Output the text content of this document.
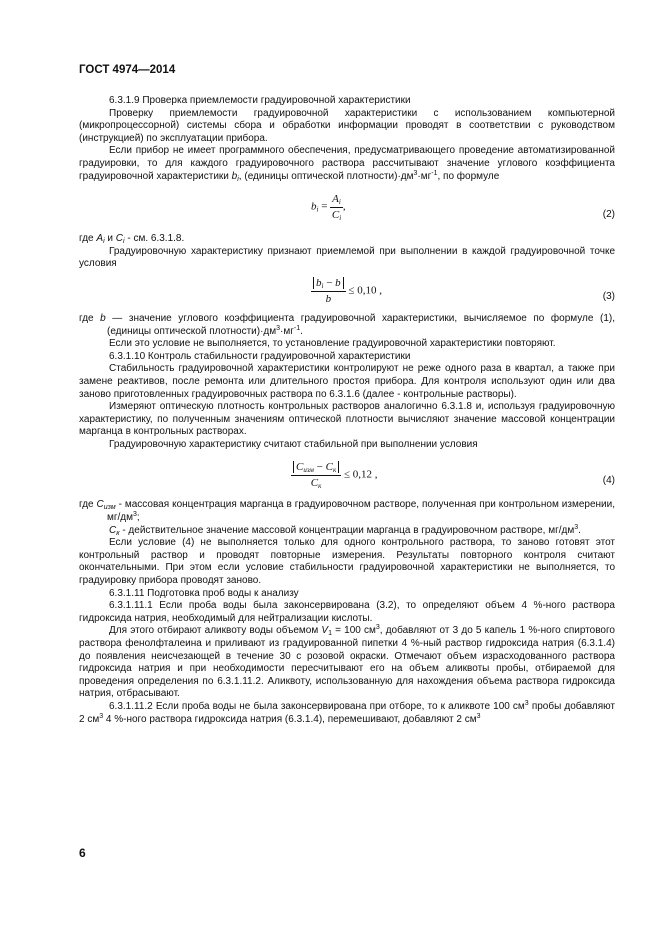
ГОСТ 4974—2014

6.3.1.9 Проверка приемлемости градуировочной характеристики

Проверку приемлемости градуировочной характеристики с использованием компьютерной (микропроцессорной) системы сбора и обработки информации проводят в соответствии с руководством (инструкцией) по эксплуатации прибора.

Если прибор не имеет программного обеспечения, предусматривающего проведение автоматизированной градуировки, то для каждого градуировочного раствора рассчитывают значение углового коэффициента градуировочной характеристики $b_i$, (единицы оптической $плотности)\cdot дм^3\cdot мг^{-1}$, по формуле

$b_i = \frac{A_i}{C_i}$ ,
(2)

где $A_i$ и $C_i$ - см. 6.3.1.8.

Градуировочную характеристику признают приемлемой при выполнении в каждой градуировочной точке условия

$\frac{b_i - b}{b} \le 0,10$ ,	(3)

где b — значение углового коэффициента градуировочной характеристики, вычисляемое по формуле (1), (единицы оптической $плотности)\cdot дм^3\cdot мг^{-1}$.

Если это условие не выполняется, то установление градуировочной характеристики повторяют.

6.3.1.10 Контроль стабильности градуировочной характеристики

Стабильность градуировочной характеристики контролируют не реже одного раза в квартал, а также при замене реактивов, после ремонта или длительного простоя прибора. Для контроля используют один или два заново приготовленных градуировочных раствора по 6.3.1.6 (далее - контрольные растворы).

Измеряют оптическую плотность контрольных растворов аналогично 6.3.1.8 и, используя градуировочную характеристику, по полученным значениям оптической плотности вычисляют значение массовой концентрации марганца в контрольных растворах.

Градуировочную характеристику считают стабильной при выполнении условия

$\frac{C_{изм} - C_к}{C_к} \le 0,12$ ,	(4)

где $C_{изм}$ - массовая концентрация марганца в градуировочном растворе, полученная при контрольном измерении, $мг/дм^3$;

$C_к$ - действительное значение массовой концентрации марганца в градуировочном растворе, $мг/дм^3$.

Если условие (4) не выполняется только для одного контрольного раствора, то заново готовят этот контрольный раствор и проводят повторные измерения. Результаты повторного контроля считают окончательными. При этом если условие стабильности градуировочной характеристики не выполняется, то градуировку прибора проводят заново.

6.3.1.11 Подготовка проб воды к анализу

6.3.1.11.1 Если проба воды была законсервирована (3.2), то определяют объем 4 %-ного раствора гидроксида натрия, необходимый для нейтрализации кислоты.

Для этого отбирают аликвоту воды объемом $V_1 = 100$ $см^3$, добавляют от 3 до 5 капель 1 %-ного спиртового раствора фенолфталеина и приливают из градуированной пипетки 4 %-ный раствор гидроксида натрия (6.3.1.4) до появления неисчезающей в течение 30 с розовой окраски. Отмечают объем израсходованного раствора гидроксида натрия и при необходимости пересчитывают его на объем аликвоты пробы, отбираемой для проведения определения по 6.3.1.11.2. Аликвоту, использованную для нахождения объема раствора гидроксида натрия, отбрасывают.

6.3.1.11.2 Если проба воды не была законсервирована при отборе, то к аликвоте 100 $см^3$ пробы добавляют 2 $см^3$ 4 %-ного раствора гидроксида натрия (6.3.1.4), перемешивают, добавляют 2 $см^3$

6
